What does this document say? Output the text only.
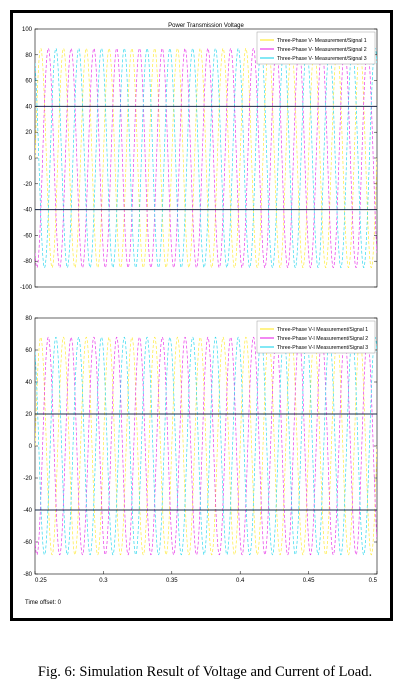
Power Transmission Voltage
100
80
60
40
20
0
-20
-40
-60
-80
-100
Three-Phase V- Measurement/Signal 1
Three-Phase V- Measurement/Signal 2
Three-Phase V- Measurement/Signal 3
80
60
40
20
0
-20
-40
-60
-80
0.25	0.3	0.35	0.4	0.45	0.5
Time offset: 0
Three-Phase V-I Measurement/Signal 1
Three-Phase V-I Measurement/Signal 2
Three-Phase V-I Measurement/Signal 3
Fig. 6: Simulation Result of Voltage and Current of Load.
